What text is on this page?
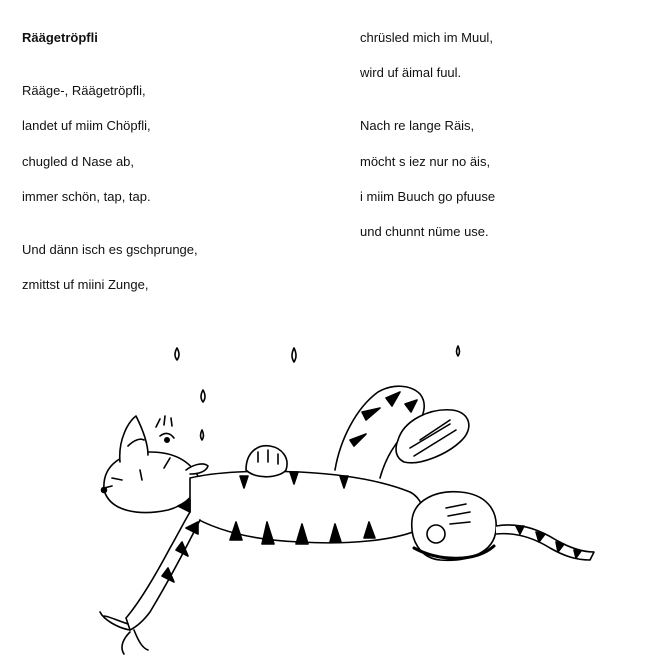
Räägetröpfli
Rääge-, Räägetröpfli,
landet uf miim Chöpfli,
chugled d Nase ab,
immer schön, tap, tap.
Und dänn isch es gschprunge,
zmittst uf miini Zunge,
chrüsled mich im Muul,
wird uf äimal fuul.
Nach re lange Räis,
möcht s iez nur no äis,
i miim Buuch go pfuuse
und chunnt nüme use.
